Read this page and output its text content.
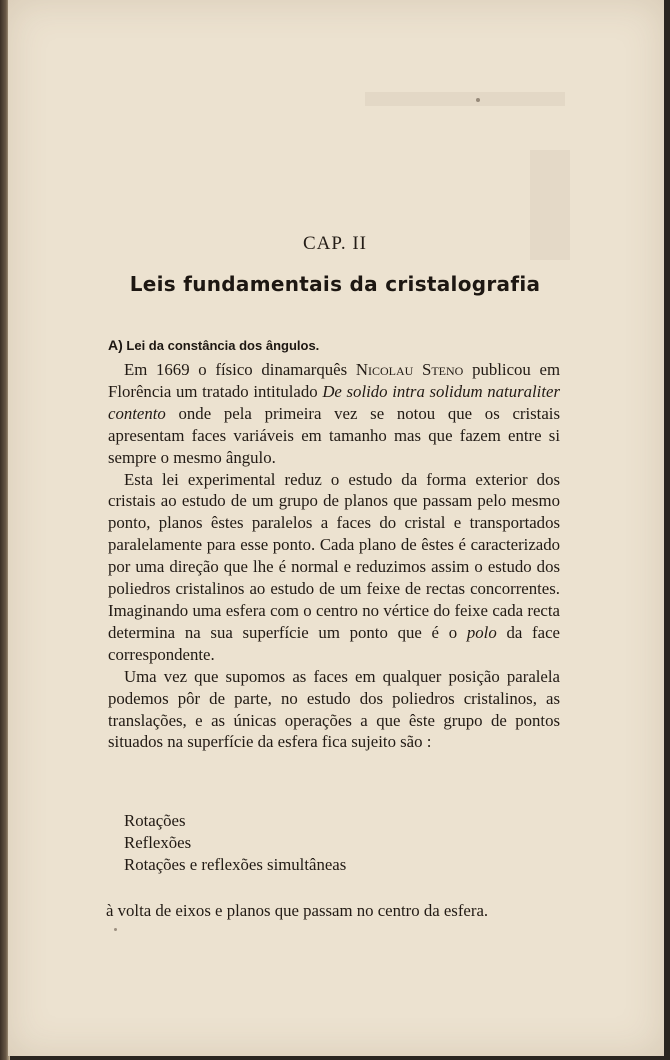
CAP. II
Leis fundamentais da cristalografia
A) Lei da constância dos ângulos.

Em 1669 o físico dinamarquês Nicolau Steno publicou em Florência um tratado intitulado De solido intra solidum naturaliter contento onde pela primeira vez se notou que os cristais apresentam faces variáveis em tamanho mas que fazem entre si sempre o mesmo ângulo.

Esta lei experimental reduz o estudo da forma exterior dos cristais ao estudo de um grupo de planos que passam pelo mesmo ponto, planos êstes paralelos a faces do cristal e transportados paralelamente para esse ponto. Cada plano de êstes é caracterizado por uma direção que lhe é normal e reduzimos assim o estudo dos poliedros cristalinos ao estudo de um feixe de rectas concorrentes. Imaginando uma esfera com o centro no vértice do feixe cada recta determina na sua superfície um ponto que é o polo da face correspondente.

Uma vez que supomos as faces em qualquer posição paralela podemos pôr de parte, no estudo dos poliedros cristalinos, as translações, e as únicas operações a que êste grupo de pontos situados na superfície da esfera fica sujeito são :

Rotações
Reflexões
Rotações e reflexões simultâneas
à volta de eixos e planos que passam no centro da esfera.
